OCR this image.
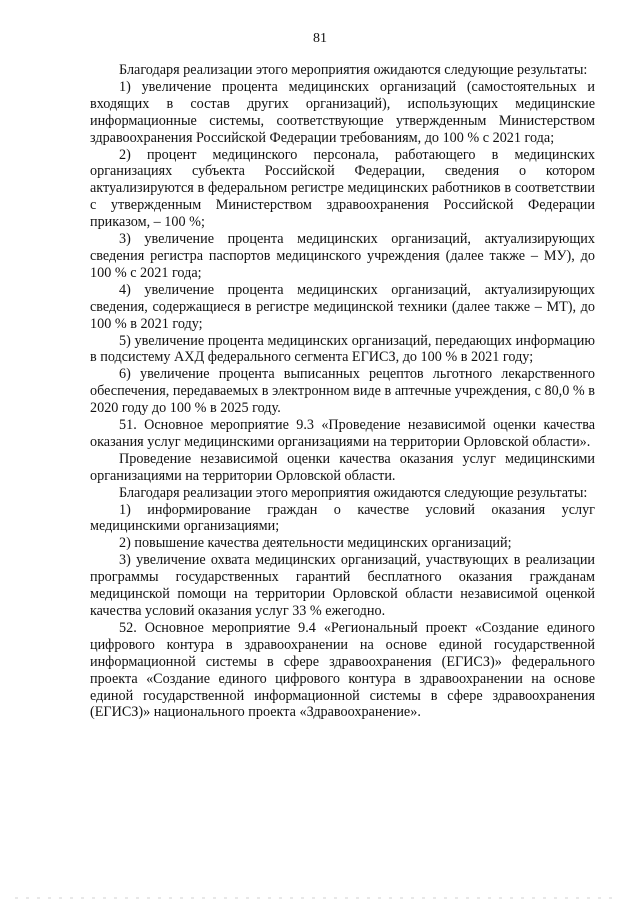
81

Благодаря реализации этого мероприятия ожидаются следующие результаты:

1) увеличение процента медицинских организаций (самостоятельных и входящих в состав других организаций), использующих медицинские информационные системы, соответствующие утвержденным Министерством здравоохранения Российской Федерации требованиям, до 100 % с 2021 года;

2) процент медицинского персонала, работающего в медицинских организациях субъекта Российской Федерации, сведения о котором актуализируются в федеральном регистре медицинских работников в соответствии с утвержденным Министерством здравоохранения Российской Федерации приказом, – 100 %;

3) увеличение процента медицинских организаций, актуализирующих сведения регистра паспортов медицинского учреждения (далее также – МУ), до 100 % с 2021 года;

4) увеличение процента медицинских организаций, актуализирующих сведения, содержащиеся в регистре медицинской техники (далее также – МТ), до 100 % в 2021 году;

5) увеличение процента медицинских организаций, передающих информацию в подсистему АХД федерального сегмента ЕГИСЗ, до 100 % в 2021 году;

6) увеличение процента выписанных рецептов льготного лекарственного обеспечения, передаваемых в электронном виде в аптечные учреждения, с 80,0 % в 2020 году до 100 % в 2025 году.

51. Основное мероприятие 9.3 «Проведение независимой оценки качества оказания услуг медицинскими организациями на территории Орловской области».

Проведение независимой оценки качества оказания услуг медицинскими организациями на территории Орловской области.

Благодаря реализации этого мероприятия ожидаются следующие результаты:

1) информирование граждан о качестве условий оказания услуг медицинскими организациями;

2) повышение качества деятельности медицинских организаций;

3) увеличение охвата медицинских организаций, участвующих в реализации программы государственных гарантий бесплатного оказания гражданам медицинской помощи на территории Орловской области независимой оценкой качества условий оказания услуг 33 % ежегодно.

52. Основное мероприятие 9.4 «Региональный проект «Создание единого цифрового контура в здравоохранении на основе единой государственной информационной системы в сфере здравоохранения (ЕГИСЗ)» федерального проекта «Создание единого цифрового контура в здравоохранении на основе единой государственной информационной системы в сфере здравоохранения (ЕГИСЗ)» национального проекта «Здравоохранение».
